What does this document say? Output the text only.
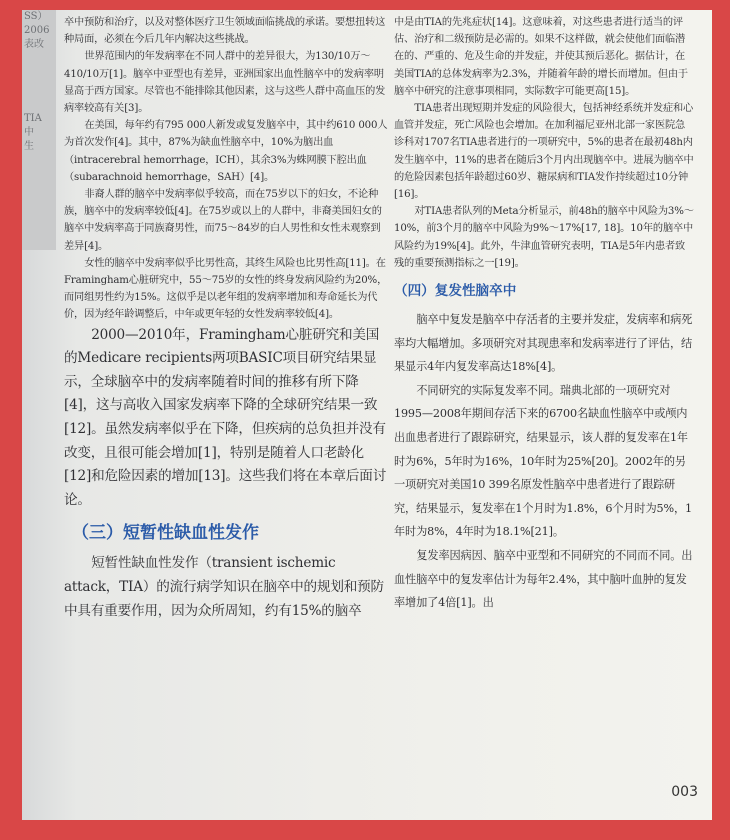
SS）
2006
表改
TIA
中
生

卒中预防和治疗，以及对整体医疗卫生领域面临挑战的承诺。要想扭转这种局面，必须在今后几年内解决这些挑战。

世界范围内的年发病率在不同人群中的差异很大，为130/10万～410/10万[1]。脑卒中亚型也有差异，亚洲国家出血性脑卒中的发病率明显高于西方国家。尽管也不能排除其他因素，这与这些人群中高血压的发病率较高有关[3]。

在美国，每年约有795 000人新发或复发脑卒中，其中约610 000人为首次发作[4]。其中，87%为缺血性脑卒中，10%为脑出血（intracerebral hemorrhage，ICH），其余3%为蛛网膜下腔出血（subarachnoid hemorrhage，SAH）[4]。

非裔人群的脑卒中发病率似乎较高，而在75岁以下的妇女，不论种族，脑卒中的发病率较低[4]。在75岁或以上的人群中，非裔美国妇女的脑卒中发病率高于同族裔男性，而75～84岁的白人男性和女性未观察到差异[4]。

女性的脑卒中发病率似乎比男性高，其终生风险也比男性高[11]。在Framingham心脏研究中，55～75岁的女性的终身发病风险约为20%，而同组男性约为15%。这似乎是以老年组的发病率增加和寿命延长为代价，因为经年龄调整后，中年或更年轻的女性发病率较低[4]。

2000—2010年，Framingham心脏研究和美国的Medicare recipients两项BASIC项目研究结果显示，全球脑卒中的发病率随着时间的推移有所下降[4]，这与高收入国家发病率下降的全球研究结果一致[12]。虽然发病率似乎在下降，但疾病的总负担并没有改变，且很可能会增加[1]，特别是随着人口老龄化[12]和危险因素的增加[13]。这些我们将在本章后面讨论。

（三）短暂性缺血性发作

短暂性缺血性发作（transient ischemic attack，TIA）的流行病学知识在脑卒中的规划和预防中具有重要作用，因为众所周知，约有15%的脑卒

中是由TIA的先兆症状[14]。这意味着，对这些患者进行适当的评估、治疗和二级预防是必需的。如果不这样做，就会使他们面临潜在的、严重的、危及生命的并发症，并使其预后恶化。据估计，在美国TIA的总体发病率为2.3%，并随着年龄的增长而增加。但由于脑卒中研究的注意事项相同，实际数字可能更高[15]。

TIA患者出现短期并发症的风险很大，包括神经系统并发症和心血管并发症，死亡风险也会增加。在加利福尼亚州北部一家医院急诊科对1707名TIA患者进行的一项研究中，5%的患者在最初48h内发生脑卒中，11%的患者在随后3个月内出现脑卒中。进展为脑卒中的危险因素包括年龄超过60岁、糖尿病和TIA发作持续超过10分钟[16]。

对TIA患者队列的Meta分析显示，前48h的脑卒中风险为3%～10%，前3个月的脑卒中风险为9%～17%[17, 18]。10年的脑卒中风险约为19%[4]。此外，牛津血管研究表明，TIA是5年内患者致残的重要预测指标之一[19]。

（四）复发性脑卒中

脑卒中复发是脑卒中存活者的主要并发症，发病率和病死率均大幅增加。多项研究对其现患率和发病率进行了评估，结果显示4年内复发率高达18%[4]。

不同研究的实际复发率不同。瑞典北部的一项研究对1995—2008年期间存活下来的6700名缺血性脑卒中或颅内出血患者进行了跟踪研究，结果显示，该人群的复发率在1年时为6%，5年时为16%，10年时为25%[20]。2002年的另一项研究对美国10 399名原发性脑卒中患者进行了跟踪研究，结果显示，复发率在1个月时为1.8%，6个月时为5%，1年时为8%，4年时为18.1%[21]。

复发率因病因、脑卒中亚型和不同研究的不同而不同。出血性脑卒中的复发率估计为每年2.4%，其中脑叶血肿的复发率增加了4倍[1]。出

003
